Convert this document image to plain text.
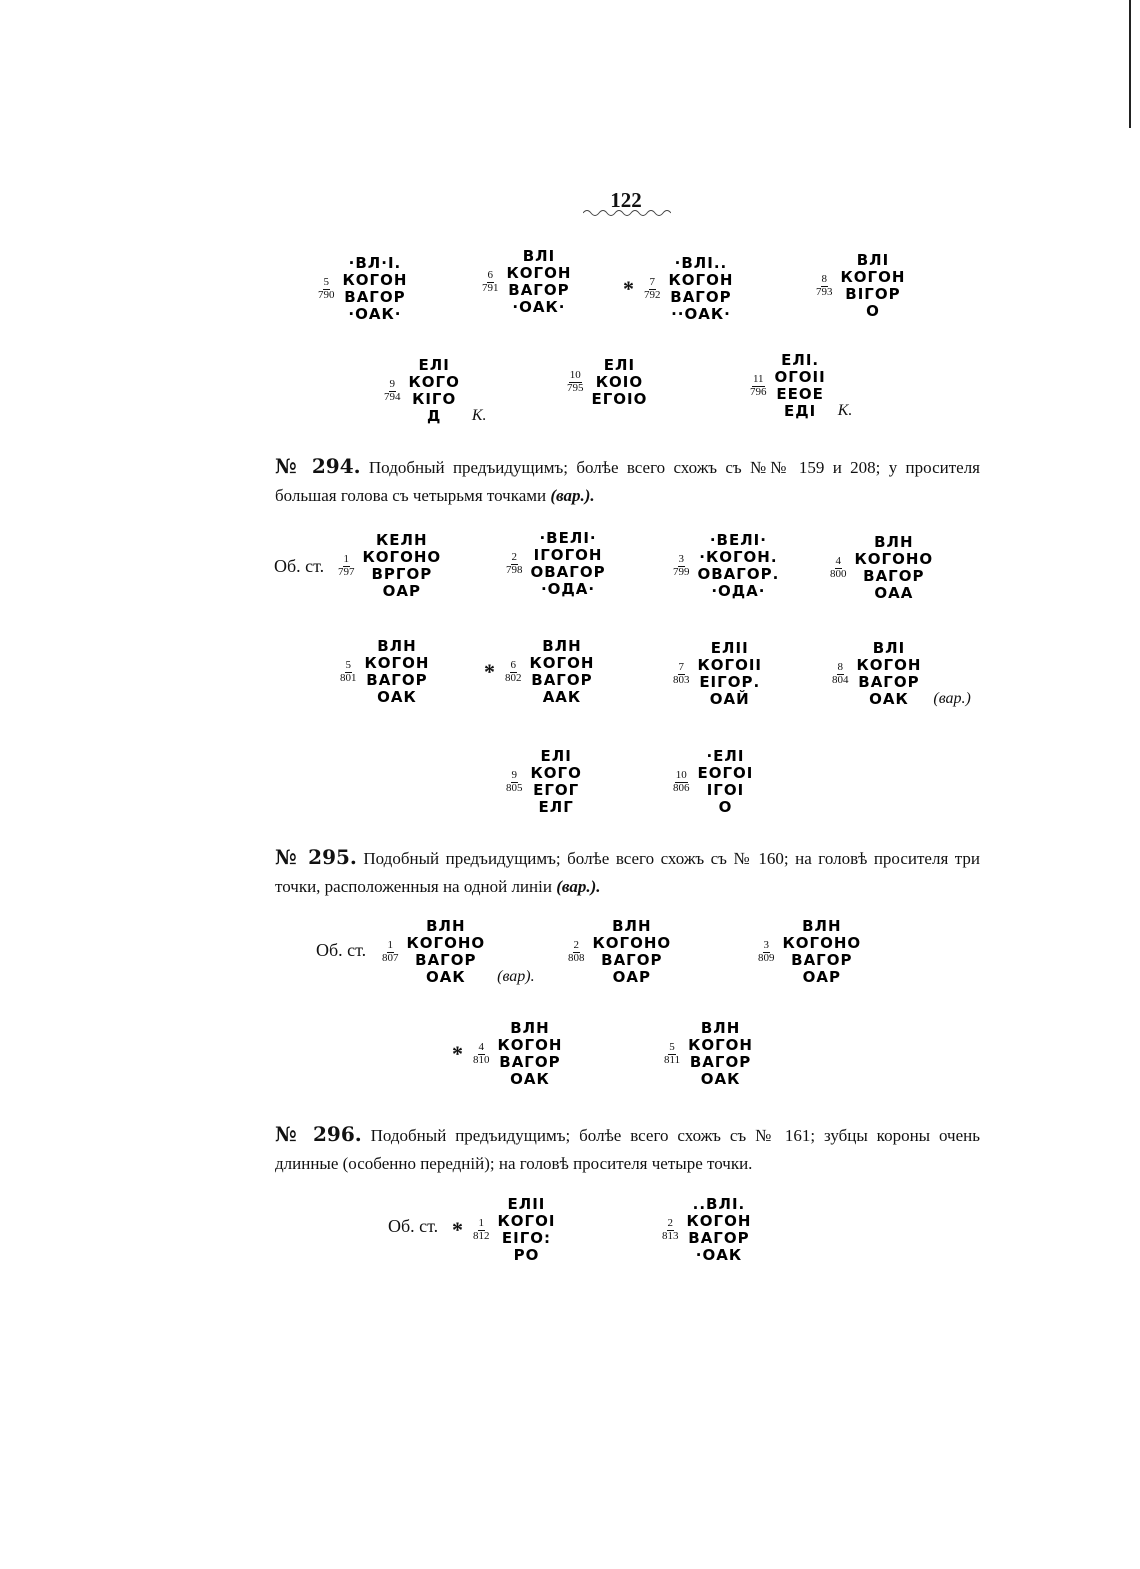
122
$\frac{5}{790}$
·ВЛ·І.
КОГОН
ВАГОР
·ОАК·
$\frac{6}{791}$
ВЛІ
КОГОН
ВАГОР
·ОАК·
* $\frac{7}{792}$
·ВЛІ..
КОГОН
ВАГОР
··ОАК·
$\frac{8}{793}$
ВЛІ
КОГОН
ВІГОР
О
$\frac{9}{794}$
ЕЛІ
КОГО
КІГО
Д К.
$\frac{10}{795}$
ЕЛІ
КОІО
ЕГОІО
$\frac{11}{796}$
ЕЛІ.
ОГОІІ
ЕЕОЕ
ЕДІ К.
№ 294. Подобный предъидущимъ; болѣе всего схожъ съ №№ 159 и 208; у просителя большая голова съ четырьмя точками (вар.).
Об. ст. $\frac{1}{797}$
КЕЛН
КОГОНО
ВРГОР
ОАР
$\frac{2}{798}$
·ВЕЛІ·
ІГОГОН
ОВАГОР
·ОДА·
$\frac{3}{799}$
·ВЕЛІ·
·КОГОН.
ОВАГОР.
·ОДА·
$\frac{4}{800}$
ВЛН
КОГОНО
ВАГОР
ОАА
$\frac{5}{801}$
ВЛН
КОГОН
ВАГОР
ОАК
* $\frac{6}{802}$
ВЛН
КОГОН
ВАГОР
ААК
$\frac{7}{803}$
ЕЛІІ
КОГОІІ
ЕІГОР.
ОАЙ
$\frac{8}{804}$
ВЛІ
КОГОН
ВАГОР
ОАК (вар.)
$\frac{9}{805}$
ЕЛІ
КОГО
ЕГОГ
ЕЛГ
$\frac{10}{806}$
·ЕЛІ
ЕОГОІ
ІГОІ
О
№ 295. Подобный предъидущимъ; болѣе всего схожъ съ № 160; на головѣ просителя три точки, расположенныя на одной линіи (вар.).
Об. ст. $\frac{1}{807}$
ВЛН
КОГОНО
ВАГОР
ОАК (вар).
$\frac{2}{808}$
ВЛН
КОГОНО
ВАГОР
ОАР
$\frac{3}{809}$
ВЛН
КОГОНО
ВАГОР
ОАР
* $\frac{4}{810}$
ВЛН
КОГОН
ВАГОР
ОАК
$\frac{5}{811}$
ВЛН
КОГОН
ВАГОР
ОАК
№ 296. Подобный предъидущимъ; болѣе всего схожъ съ № 161; зубцы короны очень длинные (особенно передній); на головѣ просителя четыре точки.
Об. ст. * $\frac{1}{812}$
ЕЛІІ
КОГОІ
ЕІГО:
РО
$\frac{2}{813}$
..ВЛІ.
КОГОН
ВАГОР
·ОАК
